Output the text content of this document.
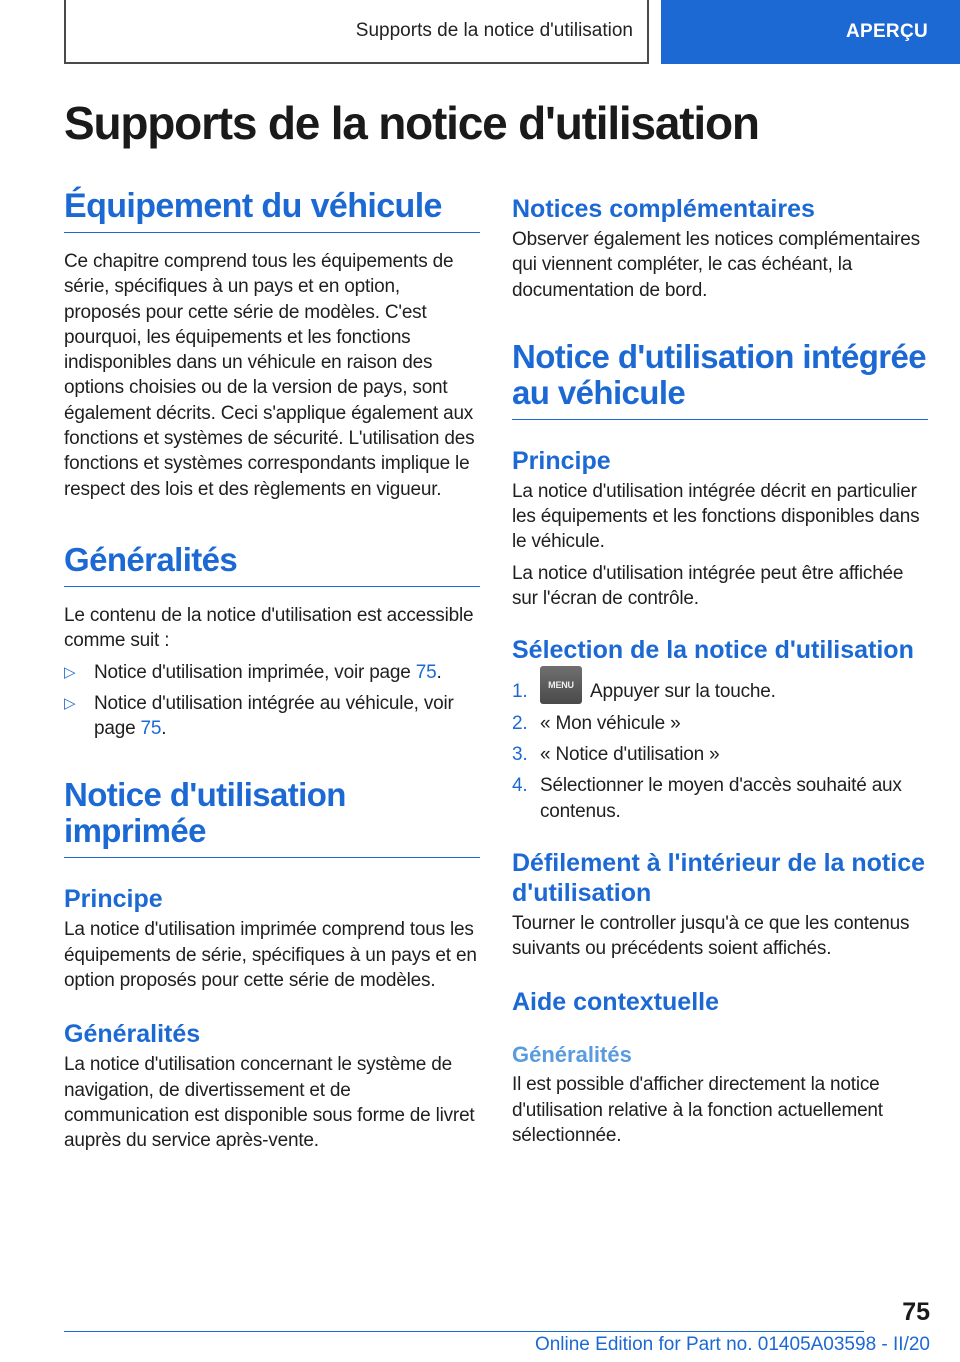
Supports de la notice d'utilisation	APERÇU
Supports de la notice d'utilisation
Équipement du véhicule

Ce chapitre comprend tous les équipements de série, spécifiques à un pays et en option, proposés pour cette série de modèles. C'est pourquoi, les équipements et les fonctions indisponibles dans un véhicule en raison des options choisies ou de la version de pays, sont également décrits. Ceci s'applique également aux fonctions et systèmes de sécurité. L'utilisation des fonctions et systèmes correspondants implique le respect des lois et des règlements en vigueur.

Généralités

Le contenu de la notice d'utilisation est accessible comme suit :

▷ Notice d'utilisation imprimée, voir page 75.
▷ Notice d'utilisation intégrée au véhicule, voir page 75.
Notice d'utilisation imprimée
Principe

La notice d'utilisation imprimée comprend tous les équipements de série, spécifiques à un pays et en option proposés pour cette série de modèles.

Généralités

La notice d'utilisation concernant le système de navigation, de divertissement et de communication est disponible sous forme de livret auprès du service après-vente.

Notices complémentaires

Observer également les notices complémentaires qui viennent compléter, le cas échéant, la documentation de bord.

Notice d'utilisation intégrée au véhicule
Principe

La notice d'utilisation intégrée décrit en particulier les équipements et les fonctions disponibles dans le véhicule.

La notice d'utilisation intégrée peut être affichée sur l'écran de contrôle.

Sélection de la notice d'utilisation
1.	MENU Appuyer sur la touche.
2. « Mon véhicule »
3. « Notice d'utilisation »
4. Sélectionner le moyen d'accès souhaité aux contenus.
Défilement à l'intérieur de la notice d'utilisation

Tourner le controller jusqu'à ce que les contenus suivants ou précédents soient affichés.

Aide contextuelle
Généralités

Il est possible d'afficher directement la notice d'utilisation relative à la fonction actuellement sélectionnée.

75
Online Edition for Part no. 01405A03598 - II/20
